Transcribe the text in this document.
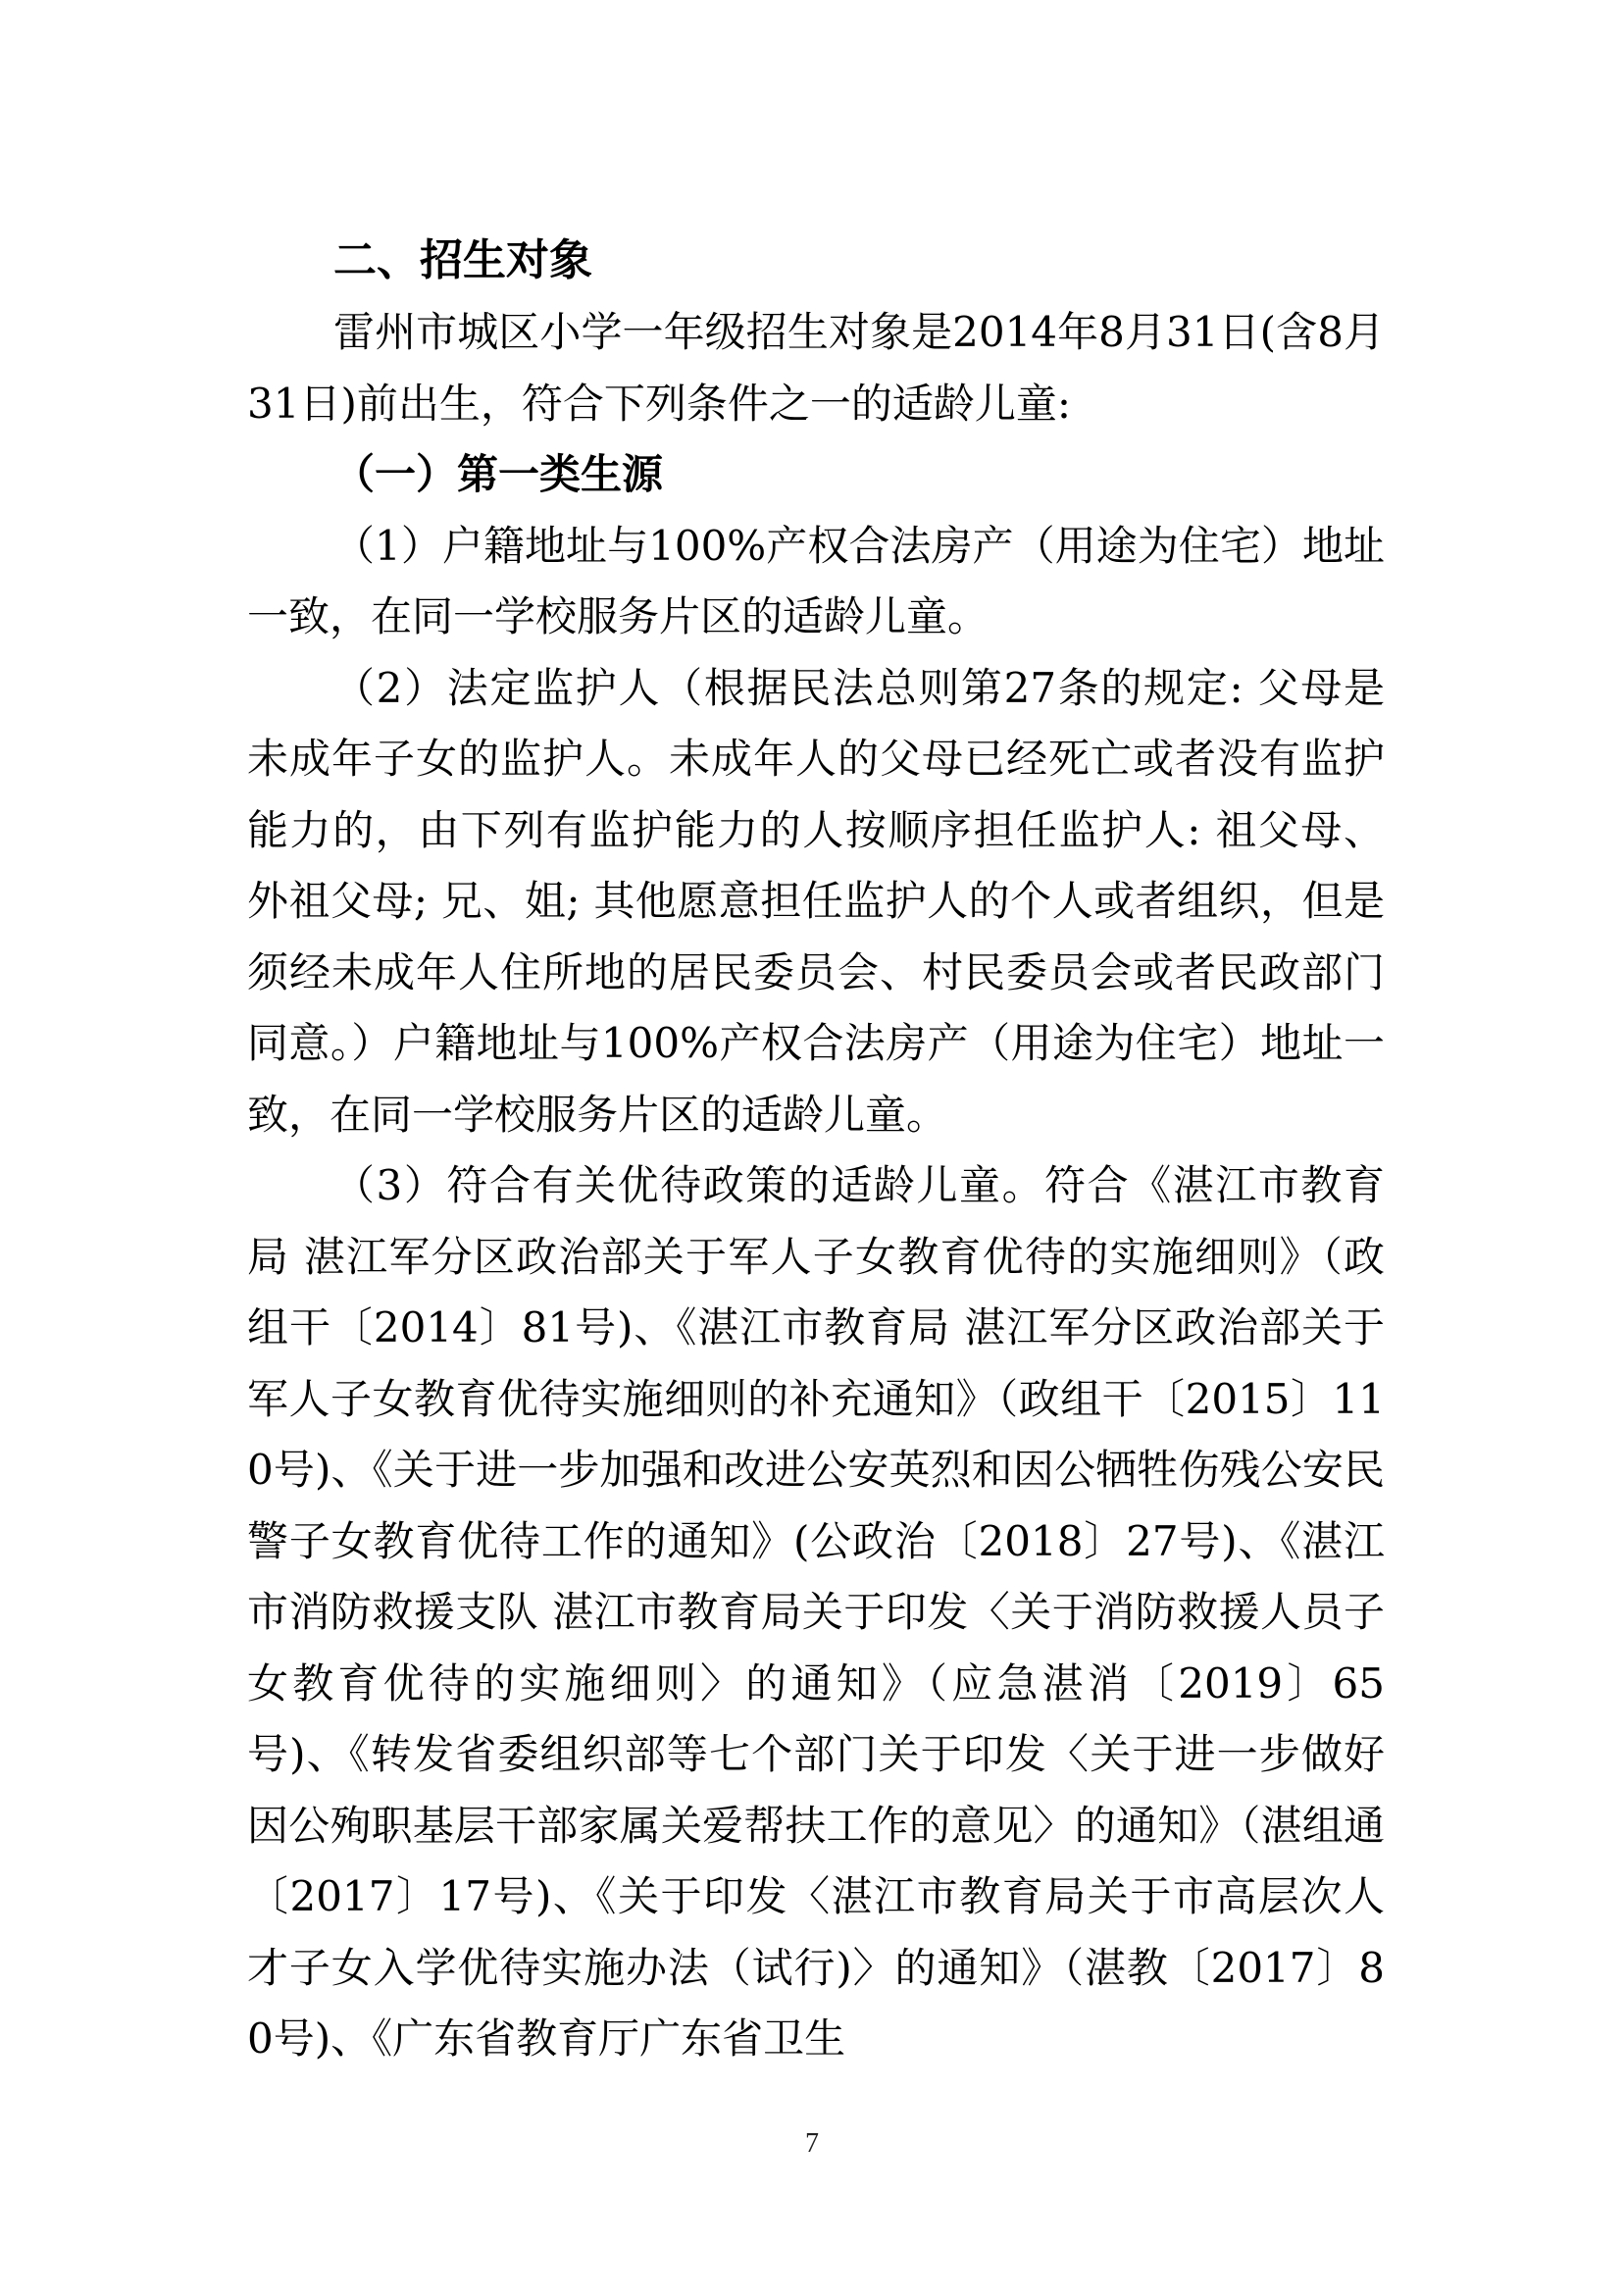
二、招生对象

雷州市城区小学一年级招生对象是2014年8月31日(含8月31日)前出生，符合下列条件之一的适龄儿童:

（一）第一类生源

（1）户籍地址与100%产权合法房产（用途为住宅）地址一致，在同一学校服务片区的适龄儿童。

（2）法定监护人（根据民法总则第27条的规定: 父母是未成年子女的监护人。未成年人的父母已经死亡或者没有监护能力的，由下列有监护能力的人按顺序担任监护人: 祖父母、外祖父母; 兄、姐; 其他愿意担任监护人的个人或者组织，但是须经未成年人住所地的居民委员会、村民委员会或者民政部门同意。）户籍地址与100%产权合法房产（用途为住宅）地址一致，在同一学校服务片区的适龄儿童。

（3）符合有关优待政策的适龄儿童。符合《湛江市教育局 湛江军分区政治部关于军人子女教育优待的实施细则》（政组干〔2014〕81号)、《湛江市教育局 湛江军分区政治部关于军人子女教育优待实施细则的补充通知》（政组干〔2015〕110号)、《关于进一步加强和改进公安英烈和因公牺牲伤残公安民警子女教育优待工作的通知》(公政治〔2018〕27号)、《湛江市消防救援支队 湛江市教育局关于印发〈关于消防救援人员子女教育优待的实施细则〉的通知》（应急湛消〔2019〕65号)、《转发省委组织部等七个部门关于印发〈关于进一步做好因公殉职基层干部家属关爱帮扶工作的意见〉的通知》（湛组通〔2017〕17号)、《关于印发〈湛江市教育局关于市高层次人才子女入学优待实施办法（试行)〉的通知》（湛教〔2017〕80号)、《广东省教育厅广东省卫生

7
